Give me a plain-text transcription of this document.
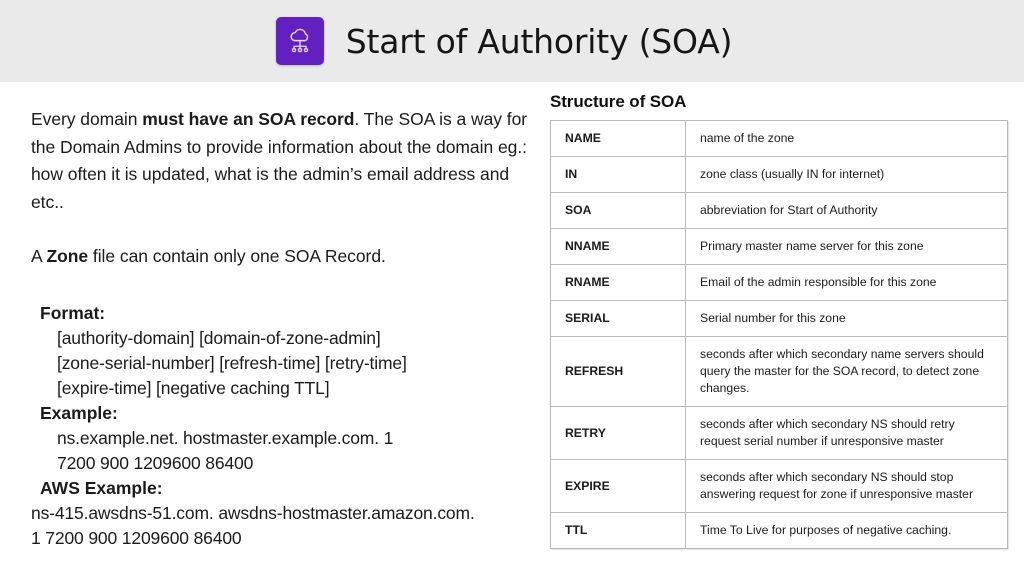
Start of Authority (SOA)

Every domain must have an SOA record. The SOA is a way for the Domain Admins to provide information about the domain eg.: how often it is updated, what is the admin’s email address and etc..

A Zone file can contain only one SOA Record.

Format:
[authority-domain] [domain-of-zone-admin]
[zone-serial-number] [refresh-time] [retry-time]
[expire-time] [negative caching TTL]
Example:
ns.example.net. hostmaster.example.com. 1
7200 900 1209600 86400
AWS Example:
ns-415.awsdns-51.com. awsdns-hostmaster.amazon.com.
1 7200 900 1209600 86400
Structure of SOA
NAME	name of the zone
IN	zone class (usually IN for internet)
SOA	abbreviation for Start of Authority
NNAME	Primary master name server for this zone
RNAME	Email of the admin responsible for this zone
SERIAL	Serial number for this zone
REFRESH	seconds after which secondary name servers should query the master for the SOA record, to detect zone changes.
RETRY	seconds after which secondary NS should retry request serial number if unresponsive master
EXPIRE	seconds after which secondary NS should stop answering request for zone if unresponsive master
TTL	Time To Live for purposes of negative caching.
